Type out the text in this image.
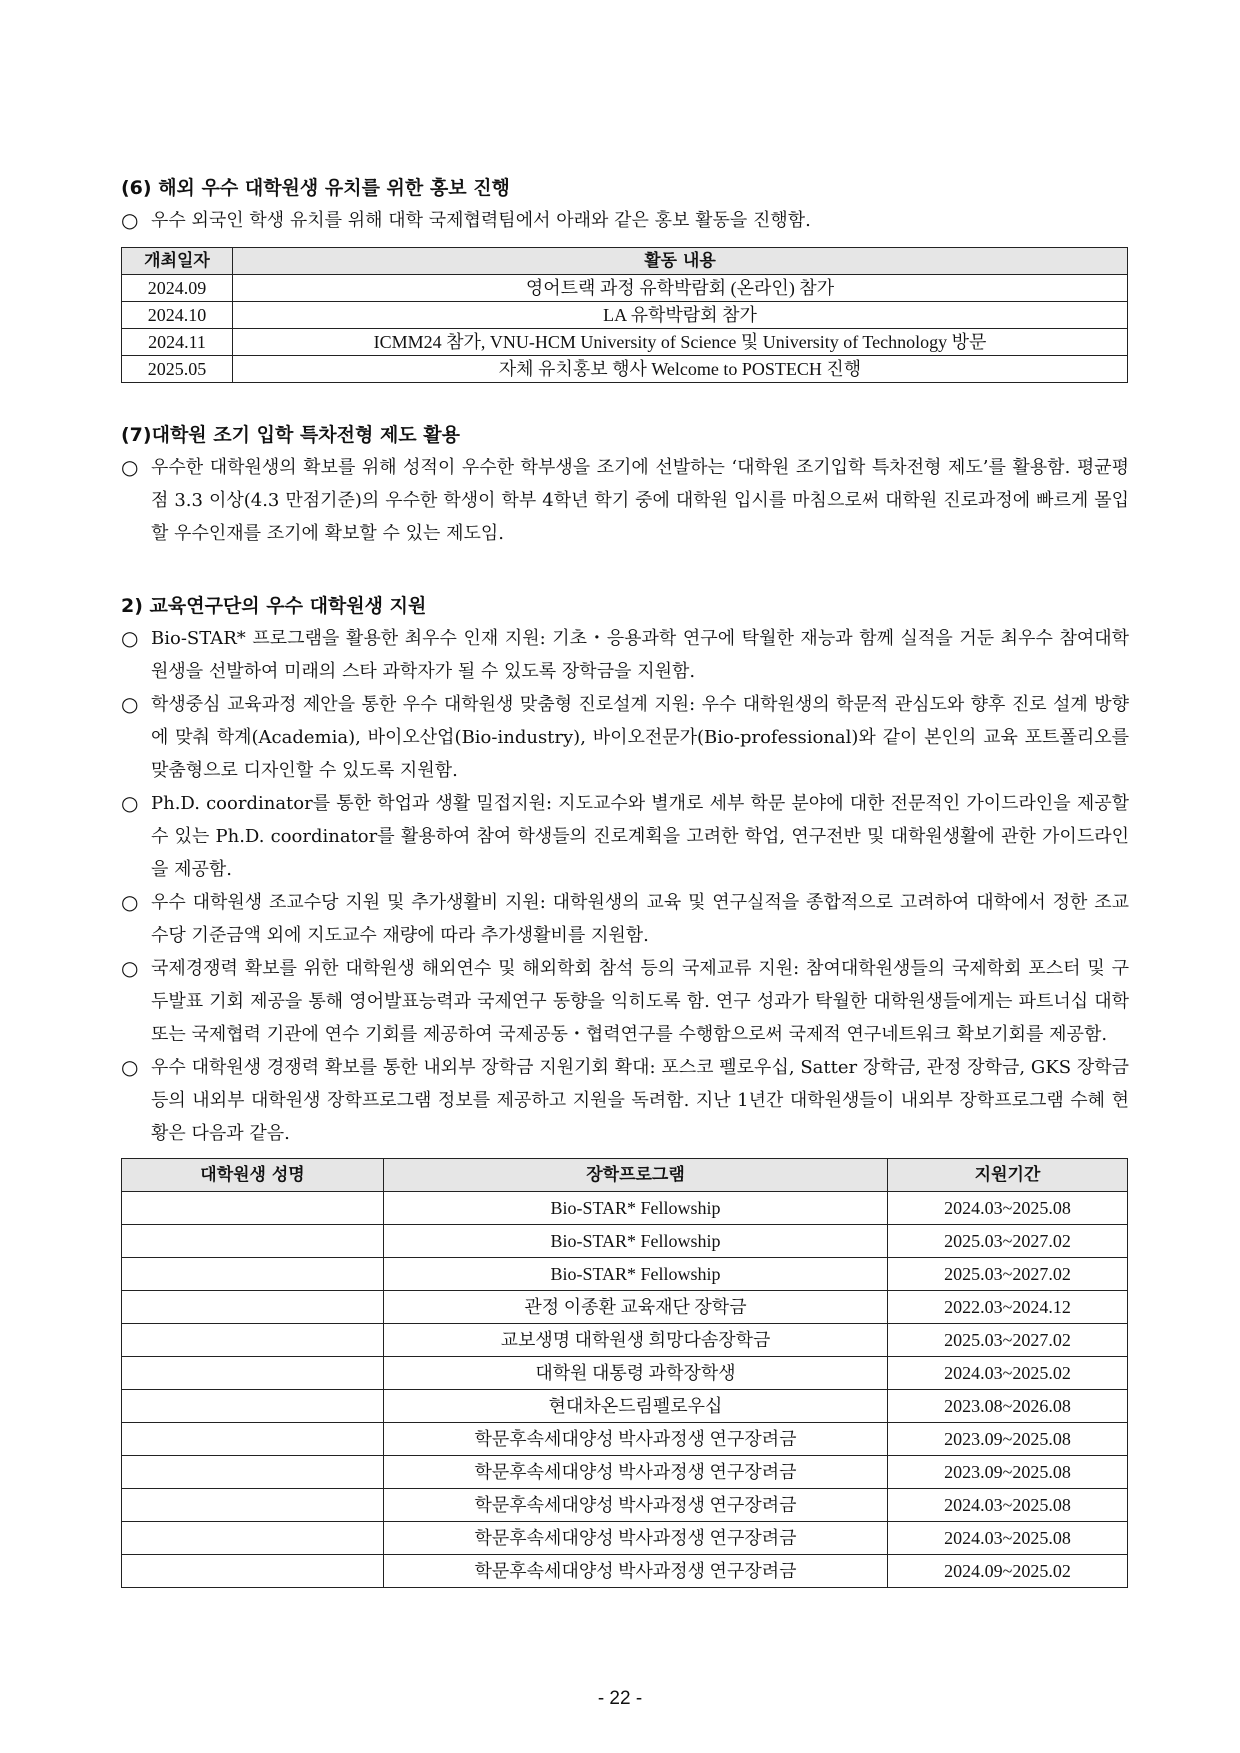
(6) 해외 우수 대학원생 유치를 위한 홍보 진행

○ 우수 외국인 학생 유치를 위해 대학 국제협력팀에서 아래와 같은 홍보 활동을 진행함.

개최일자	활동 내용
2024.09	영어트랙 과정 유학박람회 (온라인) 참가
2024.10	LA 유학박람회 참가
2024.11	ICMM24 참가, VNU-HCM University of Science 및 University of Technology 방문
2025.05	자체 유치홍보 행사 Welcome to POSTECH 진행
(7)대학원 조기 입학 특차전형 제도 활용

○ 우수한 대학원생의 확보를 위해 성적이 우수한 학부생을 조기에 선발하는 ‘대학원 조기입학 특차전형 제도’를 활용함. 평균평점 3.3 이상(4.3 만점기준)의 우수한 학생이 학부 4학년 학기 중에 대학원 입시를 마침으로써 대학원 진로과정에 빠르게 몰입할 우수인재를 조기에 확보할 수 있는 제도임.

2) 교육연구단의 우수 대학원생 지원

○ Bio-STAR* 프로그램을 활용한 최우수 인재 지원: 기초・응용과학 연구에 탁월한 재능과 함께 실적을 거둔 최우수 참여대학원생을 선발하여 미래의 스타 과학자가 될 수 있도록 장학금을 지원함.

○ 학생중심 교육과정 제안을 통한 우수 대학원생 맞춤형 진로설계 지원: 우수 대학원생의 학문적 관심도와 향후 진로 설계 방향에 맞춰 학계(Academia), 바이오산업(Bio-industry), 바이오전문가(Bio-professional)와 같이 본인의 교육 포트폴리오를 맞춤형으로 디자인할 수 있도록 지원함.

○ Ph.D. coordinator를 통한 학업과 생활 밀접지원: 지도교수와 별개로 세부 학문 분야에 대한 전문적인 가이드라인을 제공할 수 있는 Ph.D. coordinator를 활용하여 참여 학생들의 진로계획을 고려한 학업, 연구전반 및 대학원생활에 관한 가이드라인을 제공함.

○ 우수 대학원생 조교수당 지원 및 추가생활비 지원: 대학원생의 교육 및 연구실적을 종합적으로 고려하여 대학에서 정한 조교수당 기준금액 외에 지도교수 재량에 따라 추가생활비를 지원함.

○ 국제경쟁력 확보를 위한 대학원생 해외연수 및 해외학회 참석 등의 국제교류 지원: 참여대학원생들의 국제학회 포스터 및 구두발표 기회 제공을 통해 영어발표능력과 국제연구 동향을 익히도록 함. 연구 성과가 탁월한 대학원생들에게는 파트너십 대학 또는 국제협력 기관에 연수 기회를 제공하여 국제공동・협력연구를 수행함으로써 국제적 연구네트워크 확보기회를 제공함.

○ 우수 대학원생 경쟁력 확보를 통한 내외부 장학금 지원기회 확대: 포스코 펠로우십, Satter 장학금, 관정 장학금, GKS 장학금 등의 내외부 대학원생 장학프로그램 정보를 제공하고 지원을 독려함. 지난 1년간 대학원생들이 내외부 장학프로그램 수혜 현황은 다음과 같음.

대학원생 성명	장학프로그램	지원기간
	Bio-STAR* Fellowship	2024.03~2025.08
	Bio-STAR* Fellowship	2025.03~2027.02
	Bio-STAR* Fellowship	2025.03~2027.02
	관정 이종환 교육재단 장학금	2022.03~2024.12
	교보생명 대학원생 희망다솜장학금	2025.03~2027.02
	대학원 대통령 과학장학생	2024.03~2025.02
	현대차온드림펠로우십	2023.08~2026.08
	학문후속세대양성 박사과정생 연구장려금	2023.09~2025.08
	학문후속세대양성 박사과정생 연구장려금	2023.09~2025.08
	학문후속세대양성 박사과정생 연구장려금	2024.03~2025.08
	학문후속세대양성 박사과정생 연구장려금	2024.03~2025.08
	학문후속세대양성 박사과정생 연구장려금	2024.09~2025.02
- 22 -
